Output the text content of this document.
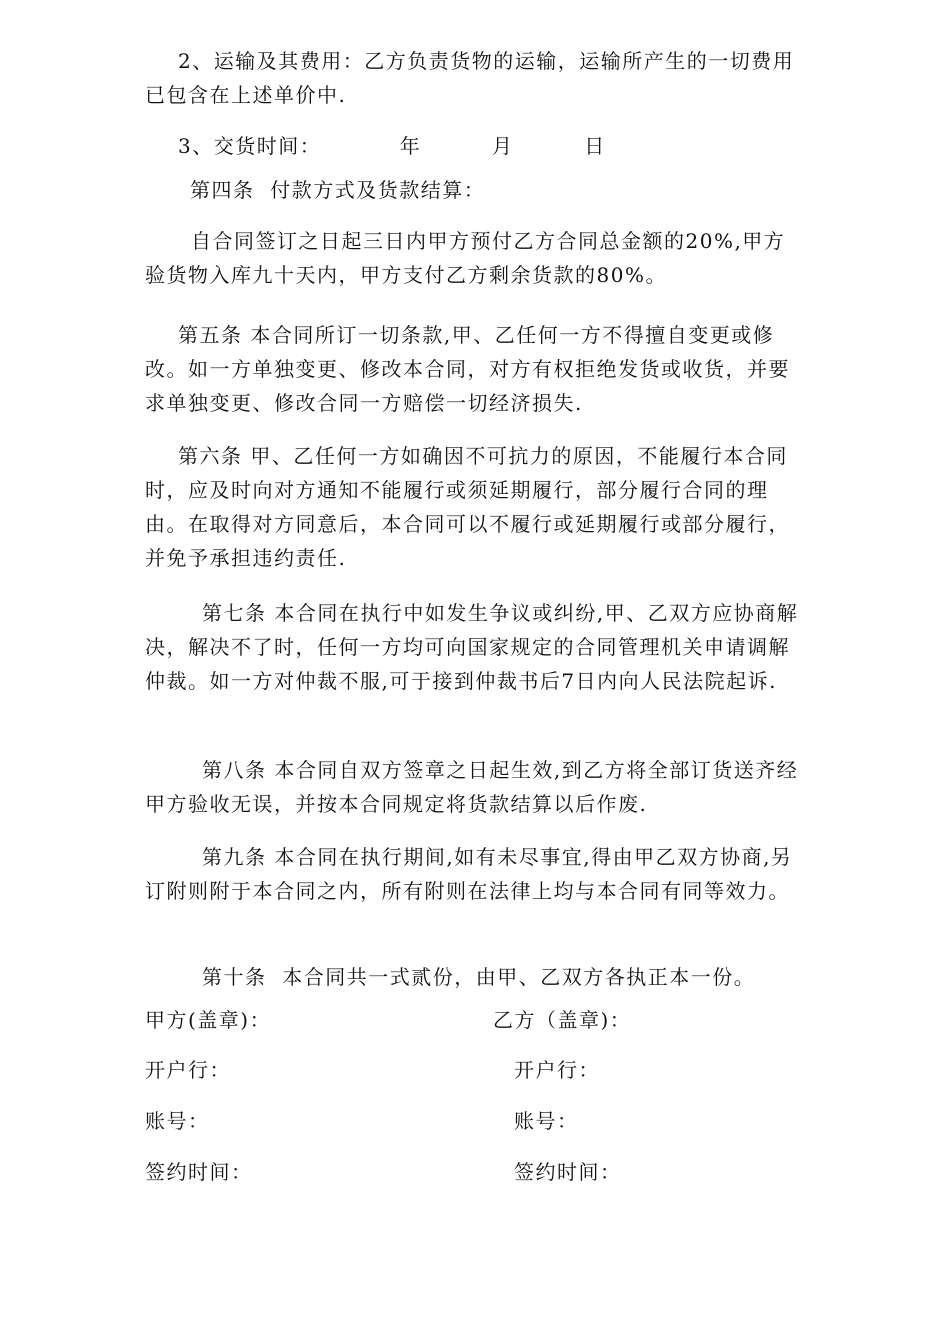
2、运输及其费用：乙方负责货物的运输，运输所产生的一切费用已包含在上述单价中.

3、交货时间：          年         月         日

第四条  付款方式及货款结算：

自合同签订之日起三日内甲方预付乙方合同总金额的20%,甲方验货物入库九十天内，甲方支付乙方剩余货款的80%。

第五条 本合同所订一切条款,甲、乙任何一方不得擅自变更或修改。如一方单独变更、修改本合同，对方有权拒绝发货或收货，并要求单独变更、修改合同一方赔偿一切经济损失.

第六条 甲、乙任何一方如确因不可抗力的原因，不能履行本合同时，应及时向对方通知不能履行或须延期履行，部分履行合同的理由。在取得对方同意后，本合同可以不履行或延期履行或部分履行，并免予承担违约责任.

第七条 本合同在执行中如发生争议或纠纷,甲、乙双方应协商解决，解决不了时，任何一方均可向国家规定的合同管理机关申请调解仲裁。如一方对仲裁不服,可于接到仲裁书后7日内向人民法院起诉.

第八条 本合同自双方签章之日起生效,到乙方将全部订货送齐经甲方验收无误，并按本合同规定将货款结算以后作废.

第九条 本合同在执行期间,如有未尽事宜,得由甲乙双方协商,另订附则附于本合同之内，所有附则在法律上均与本合同有同等效力。

第十条  本合同共一式贰份，由甲、乙双方各执正本一份。

甲方(盖章)：

开户行：

账号：

签约时间：

乙方（盖章)：

开户行：

账号：

签约时间：
